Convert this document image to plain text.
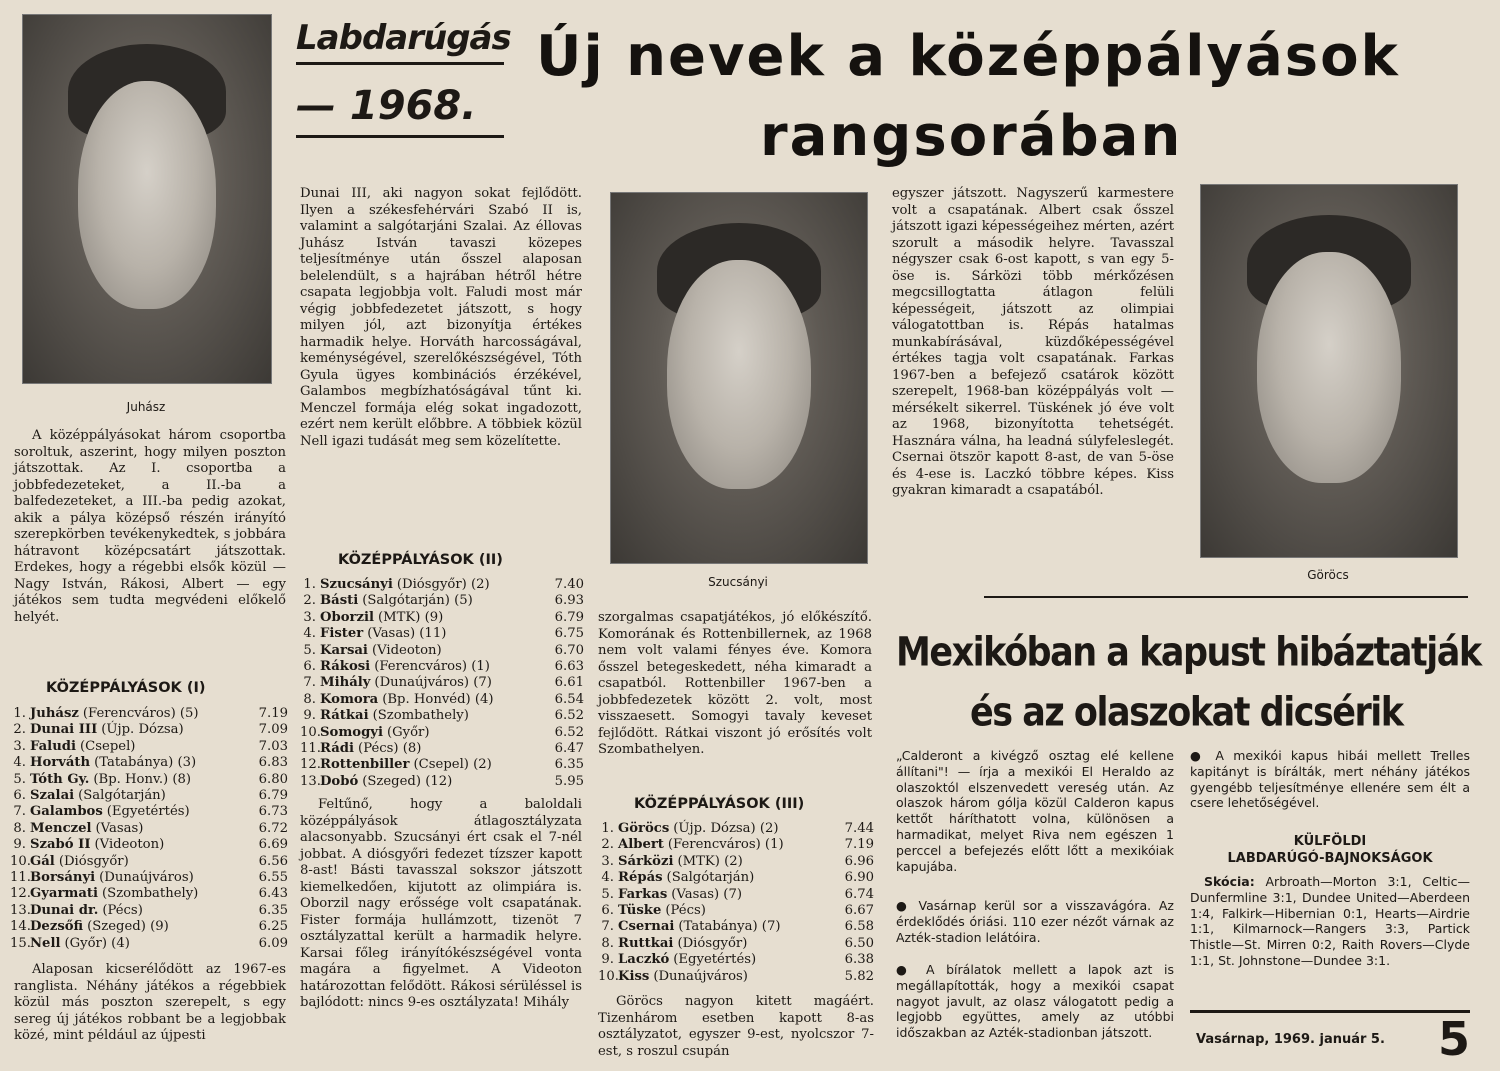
Labdarúgás
— 1968.
Új nevek a középpályások
rangsorában
Juhász
Szucsányi	Göröcs

A középpályásokat három csoportba soroltuk, aszerint, hogy milyen poszton játszottak. Az I. csoportba a jobbfedezeteket, a II.-ba a balfedezeteket, a III.-ba pedig azokat, akik a pálya középső részén irányító szerepkörben tevékenykedtek, s jobbára hátravont középcsatárt játszottak. Erdekes, hogy a régebbi elsők közül — Nagy István, Rákosi, Albert — egy játékos sem tudta megvédeni előkelő helyét.

KÖZÉPPÁLYÁSOK (I)
1. Juhász (Ferencváros) (5)	7.19
2. Dunai III (Újp. Dózsa)	7.09
3. Faludi (Csepel)	7.03
4. Horváth (Tatabánya) (3)	6.83
5. Tóth Gy. (Bp. Honv.) (8)	6.80
6. Szalai (Salgótarján)	6.79
7. Galambos (Egyetértés)	6.73
8. Menczel (Vasas)	6.72
9. Szabó II (Videoton)	6.69
10. Gál (Diósgyőr)	6.56
11. Borsányi (Dunaújváros)	6.55
12. Gyarmati (Szombathely)	6.43
13. Dunai dr. (Pécs)	6.35
14. Dezsőfi (Szeged) (9)	6.25
15. Nell (Győr) (4)	6.09

Alaposan kicserélődött az 1967-es ranglista. Néhány játékos a régebbiek közül más poszton szerepelt, s egy sereg új játékos robbant be a legjobbak közé, mint például az újpesti

Dunai III, aki nagyon sokat fejlődött. Ilyen a székesfehérvári Szabó II is, valamint a salgótarjáni Szalai. Az éllovas Juhász István tavaszi közepes teljesítménye után ősszel alaposan belelendült, s a hajrában hétről hétre csapata legjobbja volt. Faludi most már végig jobbfedezetet játszott, s hogy milyen jól, azt bizonyítja értékes harmadik helye. Horváth harcosságával, keménységével, szerelőkészségével, Tóth Gyula ügyes kombinációs érzékével, Galambos megbízhatóságával tűnt ki. Menczel formája elég sokat ingadozott, ezért nem került előbbre. A többiek közül Nell igazi tudását meg sem közelítette.

KÖZÉPPÁLYÁSOK (II)
1. Szucsányi (Diósgyőr) (2)	7.40
2. Básti (Salgótarján) (5)	6.93
3. Oborzil (MTK) (9)	6.79
4. Fister (Vasas) (11)	6.75
5. Karsai (Videoton)	6.70
6. Rákosi (Ferencváros) (1)	6.63
7. Mihály (Dunaújváros) (7)	6.61
8. Komora (Bp. Honvéd) (4)	6.54
9. Rátkai (Szombathely)	6.52
10. Somogyi (Győr)	6.52
11. Rádi (Pécs) (8)	6.47
12. Rottenbiller (Csepel) (2)	6.35
13. Dobó (Szeged) (12)	5.95

Feltűnő, hogy a baloldali középpályások átlagosztályzata alacsonyabb. Szucsányi ért csak el 7-nél jobbat. A diósgyőri fedezet tízszer kapott 8-ast! Básti tavasszal sokszor játszott kiemelkedően, kijutott az olimpiára is. Oborzil nagy erőssége volt csapatának. Fister formája hullámzott, tizenöt 7 osztályzattal került a harmadik helyre. Karsai főleg irányítókészségével vonta magára a figyelmet. A Videoton határozottan felődött. Rákosi sérüléssel is bajlódott: nincs 9-es osztályzata! Mihály

szorgalmas csapatjátékos, jó előkészítő. Komorának és Rottenbillernek, az 1968 nem volt valami fényes éve. Komora ősszel betegeskedett, néha kimaradt a csapatból. Rottenbiller 1967-ben a jobbfedezetek között 2. volt, most visszaesett. Somogyi tavaly keveset fejlődött. Rátkai viszont jó erősítés volt Szombathelyen.

KÖZÉPPÁLYÁSOK (III)
1. Göröcs (Újp. Dózsa) (2)	7.44
2. Albert (Ferencváros) (1)	7.19
3. Sárközi (MTK) (2)	6.96
4. Répás (Salgótarján)	6.90
5. Farkas (Vasas) (7)	6.74
6. Tüske (Pécs)	6.67
7. Csernai (Tatabánya) (7)	6.58
8. Ruttkai (Diósgyőr)	6.50
9. Laczkó (Egyetértés)	6.38
10. Kiss (Dunaújváros)	5.82

Göröcs nagyon kitett magáért. Tizenhárom esetben kapott 8-as osztályzatot, egyszer 9-est, nyolcszor 7-est, s roszul csupán

egyszer játszott. Nagyszerű karmestere volt a csapatának. Albert csak ősszel játszott igazi képességeihez mérten, azért szorult a második helyre. Tavasszal négyszer csak 6-ost kapott, s van egy 5-öse is. Sárközi több mérkőzésen megcsillogtatta átlagon felüli képességeit, játszott az olimpiai válogatottban is. Répás hatalmas munkabírásával, küzdőképességével értékes tagja volt csapatának. Farkas 1967-ben a befejező csatárok között szerepelt, 1968-ban középpályás volt — mérsékelt sikerrel. Tüskének jó éve volt az 1968, bizonyította tehetségét. Hasznára válna, ha leadná súlyfeleslegét. Csernai ötször kapott 8-ast, de van 5-öse és 4-ese is. Laczkó többre képes. Kiss gyakran kimaradt a csapatából.

Mexikóban a kapust hibáztatják
és az olaszokat dicsérik

„Calderont a kivégző osztag elé kellene állítani"! — írja a mexikói El Heraldo az olaszoktól elszenvedett vereség után. Az olaszok három gólja közül Calderon kapus kettőt háríthatott volna, különösen a harmadikat, melyet Riva nem egészen 1 perccel a befejezés előtt lőtt a mexikóiak kapujába.

● Vasárnap kerül sor a visszavágóra. Az érdeklődés óriási. 110 ezer nézőt várnak az Azték-stadion lelátóira.

● A bírálatok mellett a lapok azt is megállapították, hogy a mexikói csapat nagyot javult, az olasz válogatott pedig a legjobb együttes, amely az utóbbi időszakban az Azték-stadionban játszott.

● A mexikói kapus hibái mellett Trelles kapitányt is bírálták, mert néhány játékos gyengébb teljesítménye ellenére sem élt a csere lehetőségével.

KÜLFÖLDI
LABDARÚGÓ-BAJNOKSÁGOK

Skócia: Arbroath—Morton 3:1, Celtic—Dunfermline 3:1, Dundee United—Aberdeen 1:4, Falkirk—Hibernian 0:1, Hearts—Airdrie 1:1, Kilmarnock—Rangers 3:3, Partick Thistle—St. Mirren 0:2, Raith Rovers—Clyde 1:1, St. Johnstone—Dundee 3:1.

Vasárnap, 1969. január 5. 5
